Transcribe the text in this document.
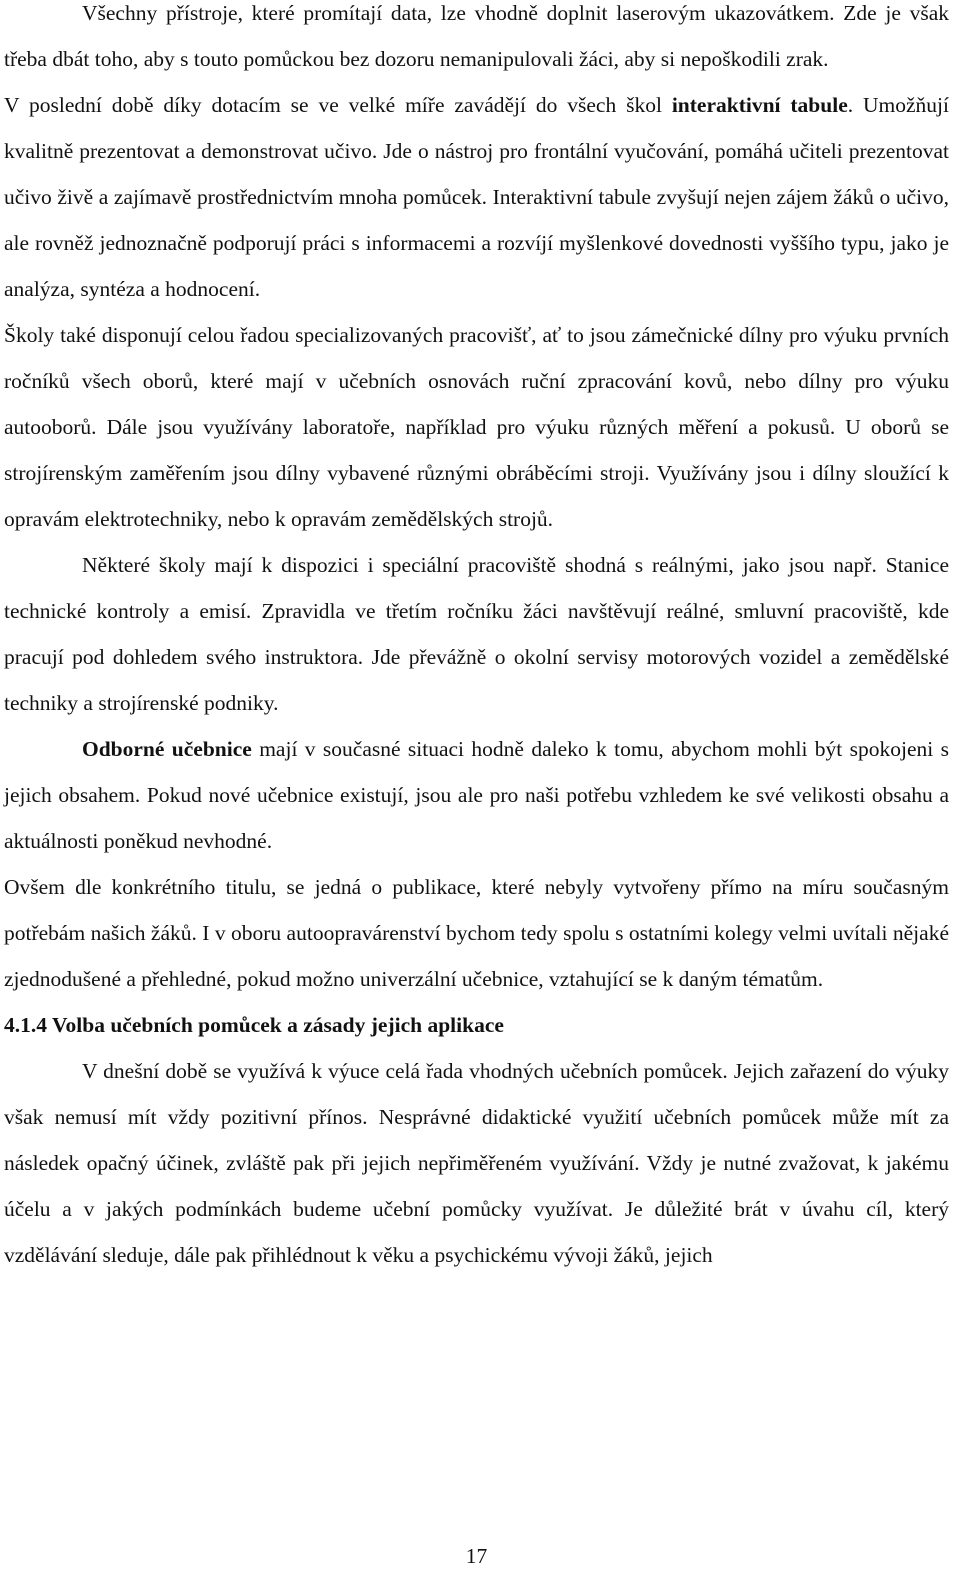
Všechny přístroje, které promítají data, lze vhodně doplnit laserovým ukazovátkem. Zde je však třeba dbát toho, aby s touto pomůckou bez dozoru nemanipulovali žáci, aby si nepoškodili zrak.

V poslední době díky dotacím se ve velké míře zavádějí do všech škol interaktivní tabule. Umožňují kvalitně prezentovat a demonstrovat učivo. Jde o nástroj pro frontální vyučování, pomáhá učiteli prezentovat učivo živě a zajímavě prostřednictvím mnoha pomůcek. Interaktivní tabule zvyšují nejen zájem žáků o učivo, ale rovněž jednoznačně podporují práci s informacemi a rozvíjí myšlenkové dovednosti vyššího typu, jako je analýza, syntéza a hodnocení.

Školy také disponují celou řadou specializovaných pracovišť, ať to jsou zámečnické dílny pro výuku prvních ročníků všech oborů, které mají v učebních osnovách ruční zpracování kovů, nebo dílny pro výuku autooborů. Dále jsou využívány laboratoře, například pro výuku různých měření a pokusů. U oborů se strojírenským zaměřením jsou dílny vybavené různými obráběcími stroji. Využívány jsou i dílny sloužící k opravám elektrotechniky, nebo k opravám zemědělských strojů.

Některé školy mají k dispozici i speciální pracoviště shodná s reálnými, jako jsou např. Stanice technické kontroly a emisí. Zpravidla ve třetím ročníku žáci navštěvují reálné, smluvní pracoviště, kde pracují pod dohledem svého instruktora. Jde převážně o okolní servisy motorových vozidel a zemědělské techniky a strojírenské podniky.

Odborné učebnice mají v současné situaci hodně daleko k tomu, abychom mohli být spokojeni s jejich obsahem. Pokud nové učebnice existují, jsou ale pro naši potřebu vzhledem ke své velikosti obsahu a aktuálnosti poněkud nevhodné.

Ovšem dle konkrétního titulu, se jedná o publikace, které nebyly vytvořeny přímo na míru současným potřebám našich žáků. I v oboru autoopravárenství bychom tedy spolu s ostatními kolegy velmi uvítali nějaké zjednodušené a přehledné, pokud možno univerzální učebnice, vztahující se k daným tématům.

4.1.4 Volba učebních pomůcek a zásady jejich aplikace

V dnešní době se využívá k výuce celá řada vhodných učebních pomůcek. Jejich zařazení do výuky však nemusí mít vždy pozitivní přínos. Nesprávné didaktické využití učebních pomůcek může mít za následek opačný účinek, zvláště pak při jejich nepřiměřeném využívání. Vždy je nutné zvažovat, k jakému účelu a v jakých podmínkách budeme učební pomůcky využívat. Je důležité brát v úvahu cíl, který vzdělávání sleduje, dále pak přihlédnout k věku a psychickému vývoji žáků, jejich

17
